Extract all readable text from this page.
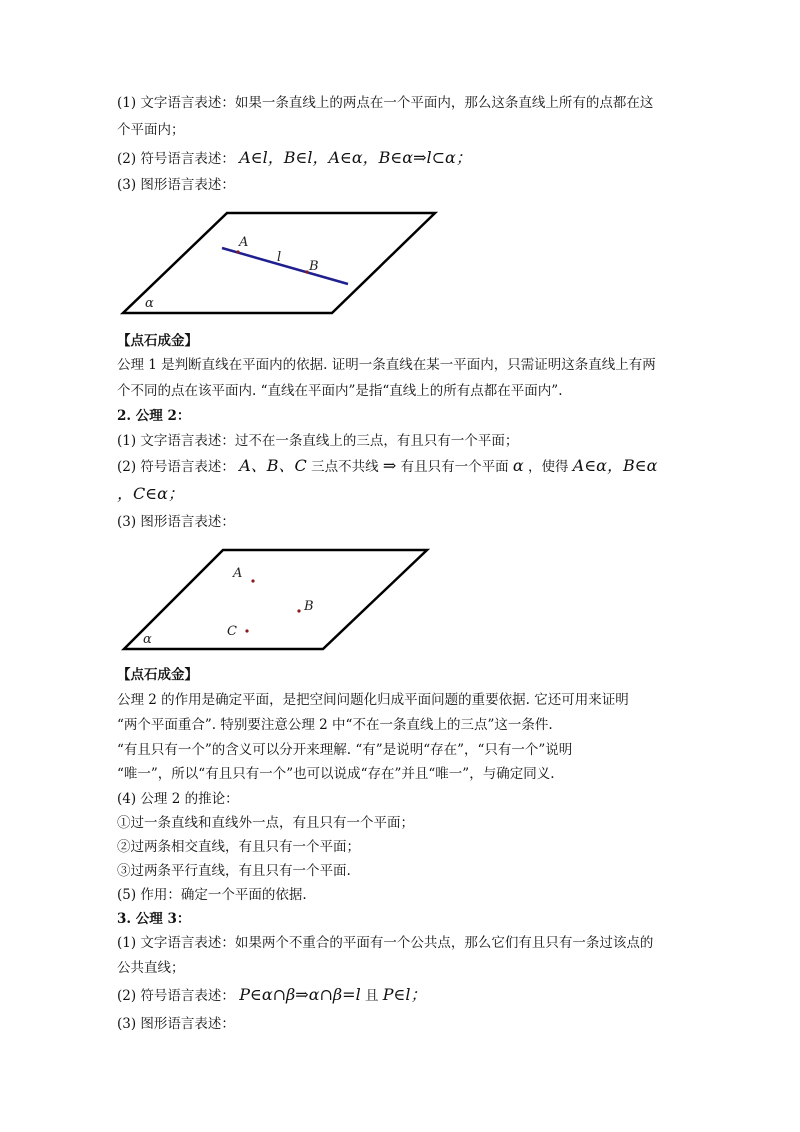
(1) 文字语言表述：如果一条直线上的两点在一个平面内，那么这条直线上所有的点都在这
个平面内；
(2) 符号语言表述： A∈l，B∈l，A∈α，B∈α⇒l⊂α；
(3) 图形语言表述：
A
l
B
α
【点石成金】
公理 1 是判断直线在平面内的依据. 证明一条直线在某一平面内，只需证明这条直线上有两
个不同的点在该平面内. “直线在平面内”是指“直线上的所有点都在平面内”.
2. 公理 2：
(1) 文字语言表述：过不在一条直线上的三点，有且只有一个平面；
(2) 符号语言表述： A、B、C 三点不共线 ⇒ 有且只有一个平面 α ，使得 A∈α，B∈α
，C∈α；
(3) 图形语言表述：
A
B
C
α
【点石成金】
公理 2 的作用是确定平面，是把空间问题化归成平面问题的重要依据. 它还可用来证明
“两个平面重合”. 特别要注意公理 2 中“不在一条直线上的三点”这一条件.
“有且只有一个”的含义可以分开来理解. “有”是说明“存在”，“只有一个”说明
“唯一”，所以“有且只有一个”也可以说成“存在”并且“唯一”，与确定同义.
(4) 公理 2 的推论：
①过一条直线和直线外一点，有且只有一个平面；
②过两条相交直线，有且只有一个平面；
③过两条平行直线，有且只有一个平面.
(5) 作用：确定一个平面的依据.
3. 公理 3：
(1) 文字语言表述：如果两个不重合的平面有一个公共点，那么它们有且只有一条过该点的
公共直线；
(2) 符号语言表述： P∈α∩β⇒α∩β=l 且 P∈l；
(3) 图形语言表述：
